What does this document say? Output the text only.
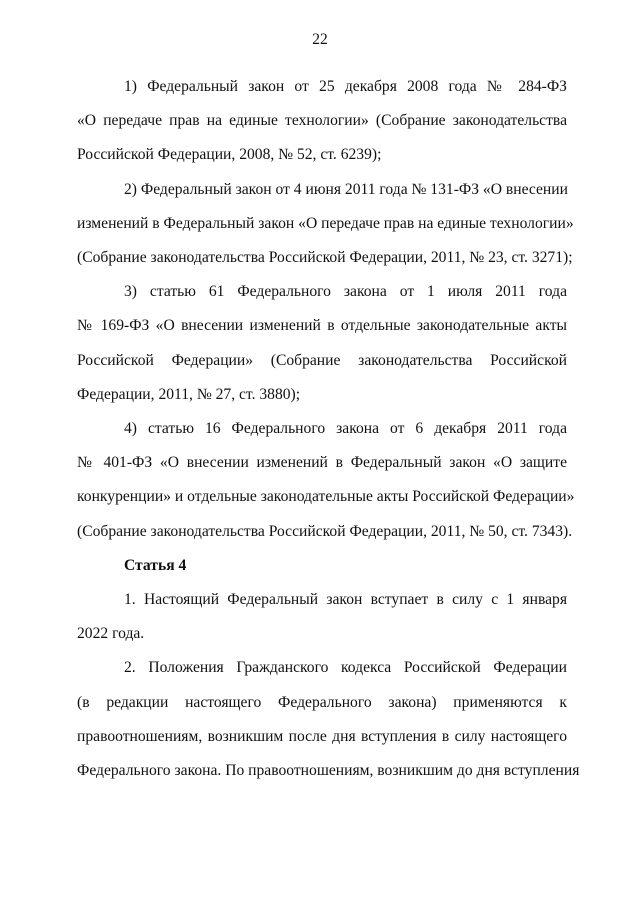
22
1) Федеральный закон от 25 декабря 2008 года № 284-ФЗ
«О передаче прав на единые технологии» (Собрание законодательства
Российской Федерации, 2008, № 52, ст. 6239);
2) Федеральный закон от 4 июня 2011 года № 131-ФЗ «О внесении
изменений в Федеральный закон «О передаче прав на единые технологии»
(Собрание законодательства Российской Федерации, 2011, № 23, ст. 3271);
3) статью 61 Федерального закона от 1 июля 2011 года
№ 169-ФЗ «О внесении изменений в отдельные законодательные акты
Российской Федерации» (Собрание законодательства Российской
Федерации, 2011, № 27, ст. 3880);
4) статью 16 Федерального закона от 6 декабря 2011 года
№ 401-ФЗ «О внесении изменений в Федеральный закон «О защите
конкуренции» и отдельные законодательные акты Российской Федерации»
(Собрание законодательства Российской Федерации, 2011, № 50, ст. 7343).
Статья 4
1. Настоящий Федеральный закон вступает в силу с 1 января
2022 года.
2. Положения Гражданского кодекса Российской Федерации
(в редакции настоящего Федерального закона) применяются к
правоотношениям, возникшим после дня вступления в силу настоящего
Федерального закона. По правоотношениям, возникшим до дня вступления
